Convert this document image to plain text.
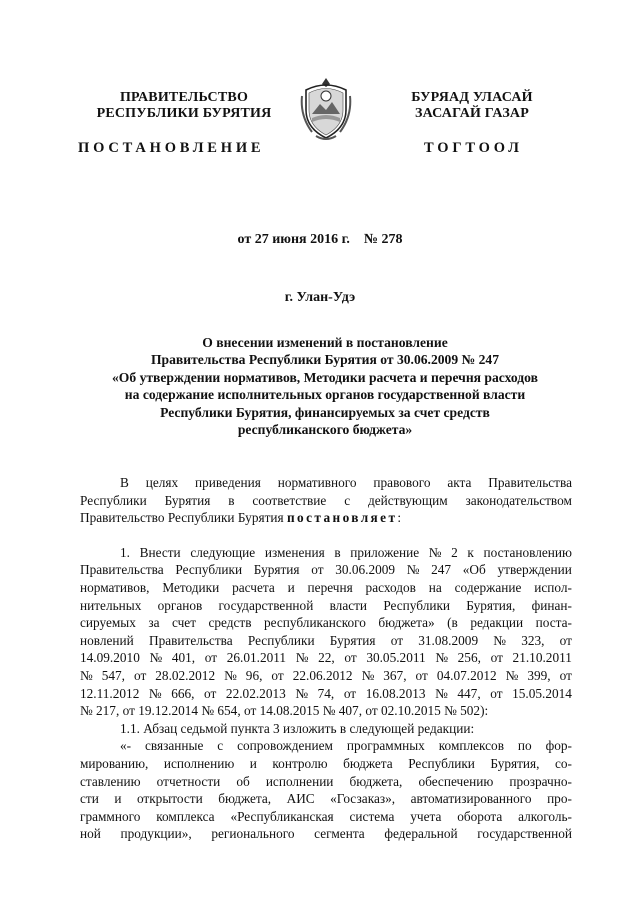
ПРАВИТЕЛЬСТВО
РЕСПУБЛИКИ БУРЯТИЯ
БУРЯАД УЛАСАЙ
ЗАСАГАЙ ГАЗАР
ПОСТАНОВЛЕНИЕ	ТОГТООЛ
от 27 июня 2016 г.    № 278
г. Улан-Удэ
О внесении изменений в постановление
Правительства Республики Бурятия от 30.06.2009 № 247
«Об утверждении нормативов, Методики расчета и перечня расходов
на содержание исполнительных органов государственной власти
Республики Бурятия, финансируемых за счет средств
республиканского бюджета»
В целях приведения нормативного правового акта Правительства
Республики Бурятия в соответствие с действующим законодательством
Правительство Республики Бурятия постановляет :
1. Внести следующие изменения в приложение № 2 к постановлению
Правительства Республики Бурятия от 30.06.2009 № 247 «Об утверждении
нормативов, Методики расчета и перечня расходов на содержание испол-
нительных органов государственной власти Республики Бурятия, финан-
сируемых за счет средств республиканского бюджета» (в редакции поста-
новлений Правительства Республики Бурятия от 31.08.2009 № 323, от
14.09.2010 № 401, от 26.01.2011 № 22, от 30.05.2011 № 256, от 21.10.2011
№ 547, от 28.02.2012 № 96, от 22.06.2012 № 367, от 04.07.2012 № 399, от
12.11.2012 № 666, от 22.02.2013 № 74, от 16.08.2013 № 447, от 15.05.2014
№ 217, от 19.12.2014 № 654, от 14.08.2015 № 407, от 02.10.2015 № 502):
1.1. Абзац седьмой пункта 3 изложить в следующей редакции:
«- связанные с сопровождением программных комплексов по фор-
мированию, исполнению и контролю бюджета Республики Бурятия, со-
ставлению отчетности об исполнении бюджета, обеспечению прозрачно-
сти и открытости бюджета, АИС «Госзаказ», автоматизированного про-
граммного комплекса «Республиканская система учета оборота алкоголь-
ной продукции», регионального сегмента федеральной государственной
